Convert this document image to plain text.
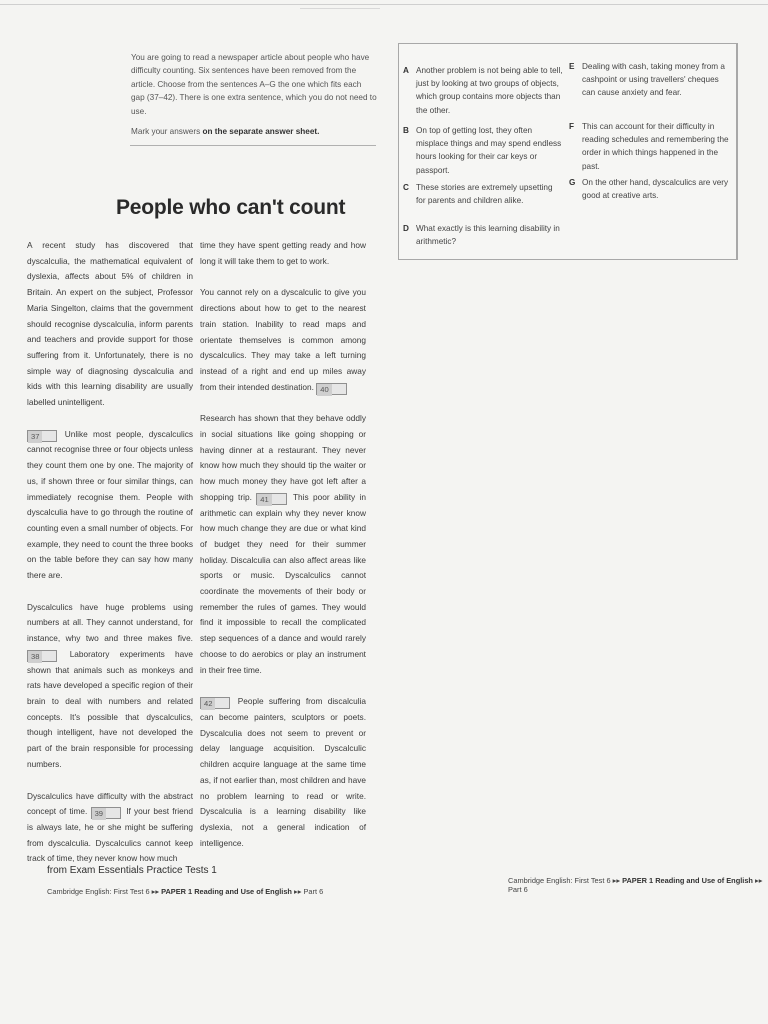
You are going to read a newspaper article about people who have difficulty counting. Six sentences have been removed from the article. Choose from the sentences A–G the one which fits each gap (37–42). There is one extra sentence, which you do not need to use.

Mark your answers on the separate answer sheet.

A Another problem is not being able to tell, just by looking at two groups of objects, which group contains more objects than the other.
B On top of getting lost, they often misplace things and may spend endless hours looking for their car keys or passport.
C These stories are extremely upsetting for parents and children alike.
D What exactly is this learning disability in arithmetic?
E Dealing with cash, taking money from a cashpoint or using travellers' cheques can cause anxiety and fear.
F This can account for their difficulty in reading schedules and remembering the order in which things happened in the past.
G On the other hand, dyscalculics are very good at creative arts.
People who can't count

A recent study has discovered that dyscalculia, the mathematical equivalent of dyslexia, affects about 5% of children in Britain. An expert on the subject, Professor Maria Singelton, claims that the government should recognise dyscalculia, inform parents and teachers and provide support for those suffering from it. Unfortunately, there is no simple way of diagnosing dyscalculia and kids with this learning disability are usually labelled unintelligent.

37	Unlike most people, dyscalculics cannot recognise three or four objects unless they count them one by one. The majority of us, if shown three or four similar things, can immediately recognise them. People with dyscalculia have to go through the routine of counting even a small number of objects. For example, they need to count the three books on the table before they can say how many there are.

Dyscalculics have huge problems using numbers at all. They cannot understand, for instance, why two and three makes five. 38	Laboratory experiments have shown that animals such as monkeys and rats have developed a specific region of their brain to deal with numbers and related concepts. It's possible that dyscalculics, though intelligent, have not developed the part of the brain responsible for processing numbers.

Dyscalculics have difficulty with the abstract concept of time. 39	If your best friend is always late, he or she might be suffering from dyscalculia. Dyscalculics cannot keep track of time, they never know how much

time they have spent getting ready and how long it will take them to get to work.

You cannot rely on a dyscalculic to give you directions about how to get to the nearest train station. Inability to read maps and orientate themselves is common among dyscalculics. They may take a left turning instead of a right and end up miles away from their intended destination. 40

Research has shown that they behave oddly in social situations like going shopping or having dinner at a restaurant. They never know how much they should tip the waiter or how much money they have got left after a shopping trip. 41	This poor ability in arithmetic can explain why they never know how much change they are due or what kind of budget they need for their summer holiday. Discalculia can also affect areas like sports or music. Dyscalculics cannot coordinate the movements of their body or remember the rules of games. They would find it impossible to recall the complicated step sequences of a dance and would rarely choose to do aerobics or play an instrument in their free time.

42	People suffering from discalculia can become painters, sculptors or poets. Dyscalculia does not seem to prevent or delay language acquisition. Dyscalculic children acquire language at the same time as, if not earlier than, most children and have no problem learning to read or write. Dyscalculia is a learning disability like dyslexia, not a general indication of intelligence.

from Exam Essentials Practice Tests 1
Cambridge English: First Test 6 ▸▸ PAPER 1 Reading and Use of English ▸▸ Part 6
Cambridge English: First Test 6 ▸▸ PAPER 1 Reading and Use of English ▸▸ Part 6
